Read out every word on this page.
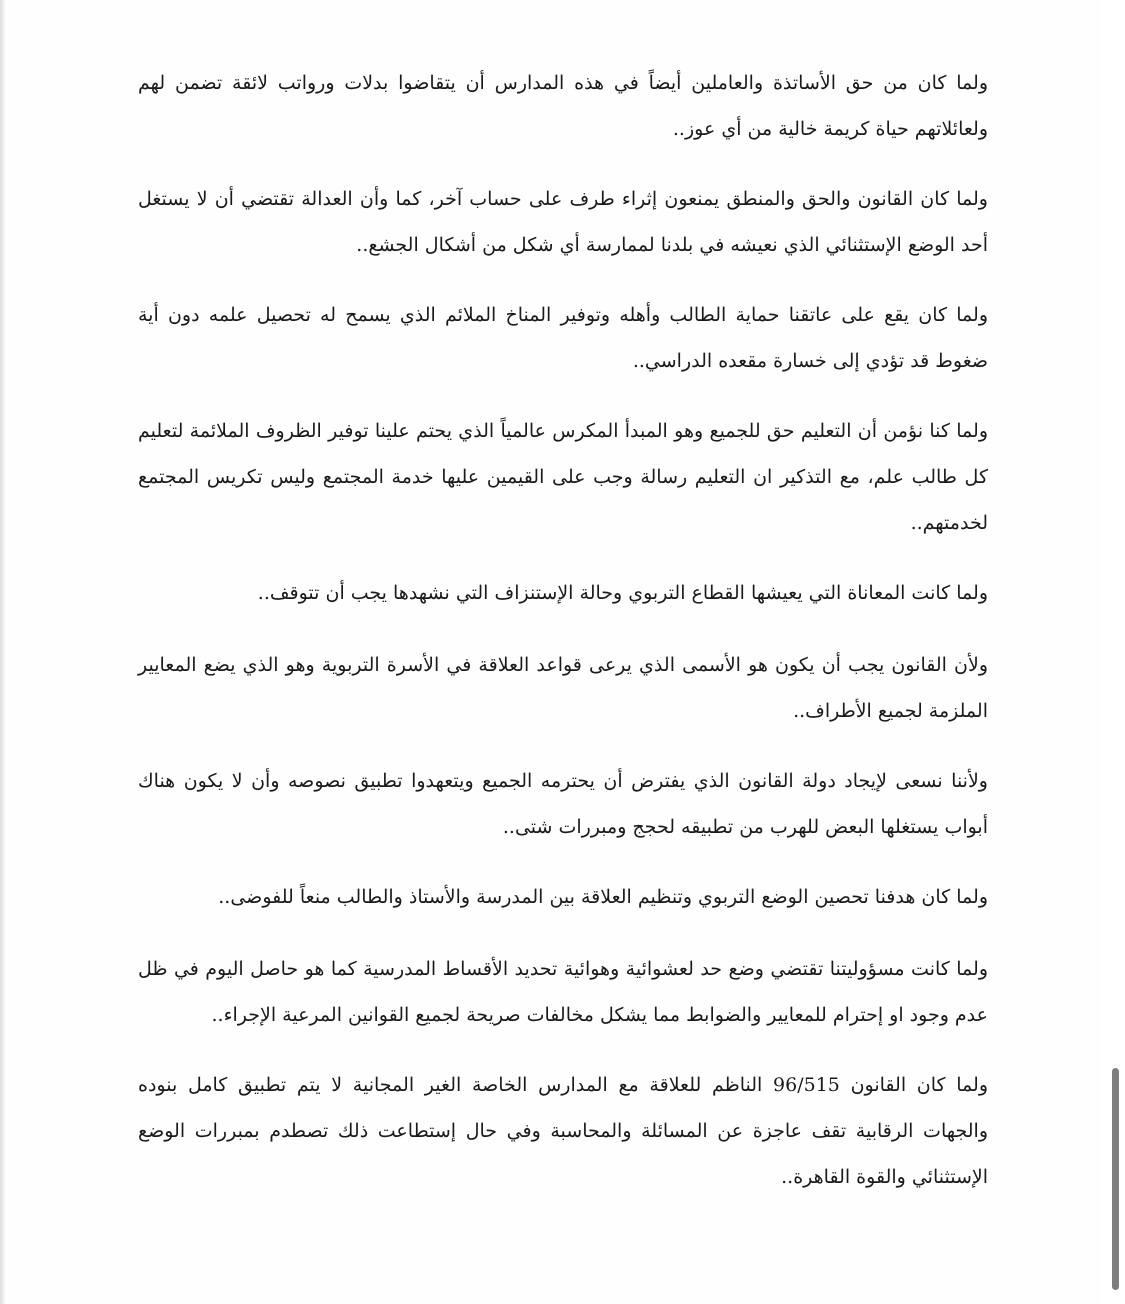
ولما كان من حق الأساتذة والعاملين أيضاً في هذه المدارس أن يتقاضوا بدلات ورواتب لائقة تضمن لهم ولعائلاتهم حياة كريمة خالية من أي عوز..

ولما كان القانون والحق والمنطق يمنعون إثراء طرف على حساب آخر، كما وأن العدالة تقتضي أن لا يستغل أحد الوضع الإستثنائي الذي نعيشه في بلدنا لممارسة أي شكل من أشكال الجشع..

ولما كان يقع على عاتقنا حماية الطالب وأهله وتوفير المناخ الملائم الذي يسمح له تحصيل علمه دون أية ضغوط قد تؤدي إلى خسارة مقعده الدراسي..

ولما كنا نؤمن أن التعليم حق للجميع وهو المبدأ المكرس عالمياً الذي يحتم علينا توفير الظروف الملائمة لتعليم كل طالب علم، مع التذكير ان التعليم رسالة وجب على القيمين عليها خدمة المجتمع وليس تكريس المجتمع لخدمتهم..

ولما كانت المعاناة التي يعيشها القطاع التربوي وحالة الإستنزاف التي نشهدها يجب أن تتوقف..

ولأن القانون يجب أن يكون هو الأسمى الذي يرعى قواعد العلاقة في الأسرة التربوية وهو الذي يضع المعايير الملزمة لجميع الأطراف..

ولأننا نسعى لإيجاد دولة القانون الذي يفترض أن يحترمه الجميع ويتعهدوا تطبيق نصوصه وأن لا يكون هناك أبواب يستغلها البعض للهرب من تطبيقه لحجج ومبررات شتى..

ولما كان هدفنا تحصين الوضع التربوي وتنظيم العلاقة بين المدرسة والأستاذ والطالب منعاً للفوضى..

ولما كانت مسؤوليتنا تقتضي وضع حد لعشوائية وهوائية تحديد الأقساط المدرسية كما هو حاصل اليوم في ظل عدم وجود او إحترام للمعايير والضوابط مما يشكل مخالفات صريحة لجميع القوانين المرعية الإجراء..

ولما كان القانون 96/515 الناظم للعلاقة مع المدارس الخاصة الغير المجانية لا يتم تطبيق كامل بنوده والجهات الرقابية تقف عاجزة عن المسائلة والمحاسبة وفي حال إستطاعت ذلك تصطدم بمبررات الوضع الإستثنائي والقوة القاهرة..
